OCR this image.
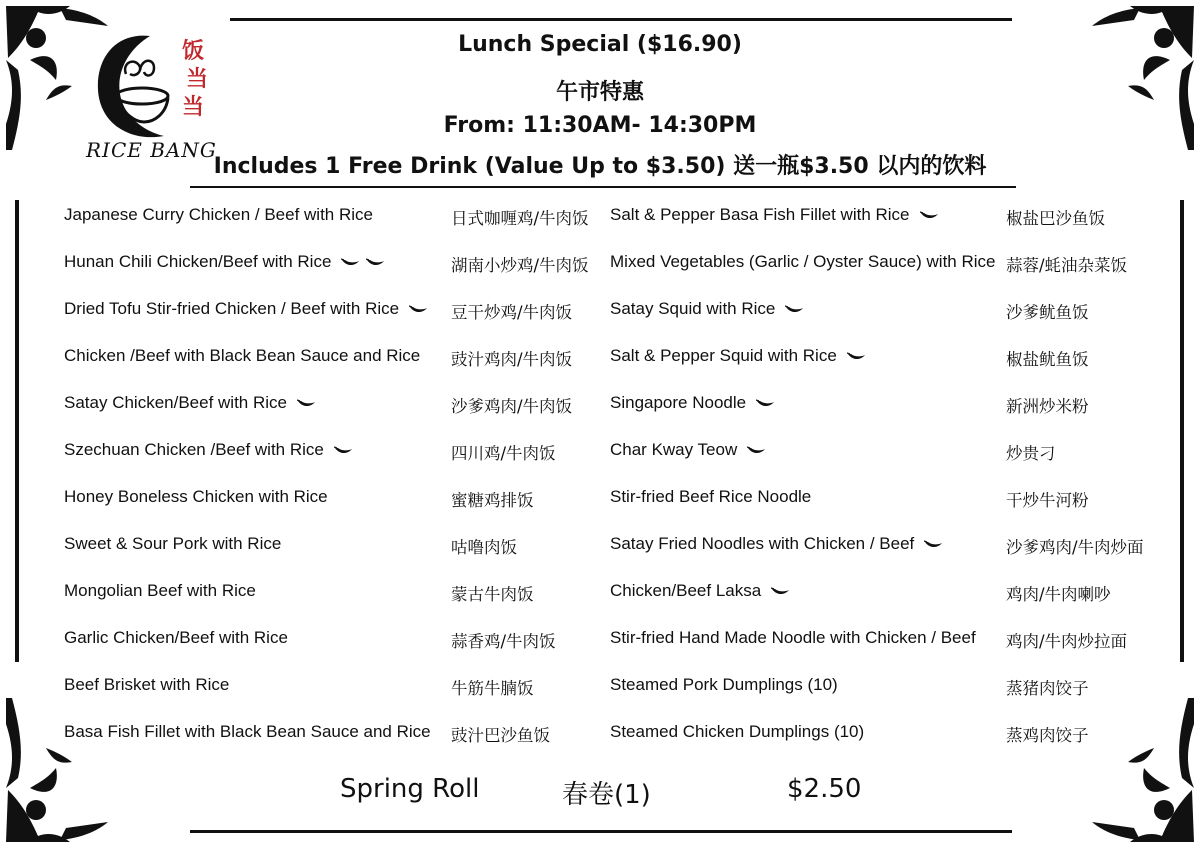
饭
当
当
RICE BANG
Lunch Special ($16.90)
午市特惠
From: 11:30AM- 14:30PM
Includes 1 Free Drink (Value Up to $3.50) 送一瓶$3.50 以内的饮料
Japanese Curry Chicken / Beef with Rice	日式咖喱鸡/牛肉饭
Hunan Chili Chicken/Beef with Rice	湖南小炒鸡/牛肉饭
Dried Tofu Stir-fried Chicken / Beef with Rice	豆干炒鸡/牛肉饭
Chicken /Beef with Black Bean Sauce and Rice 豉汁鸡肉/牛肉饭
Satay Chicken/Beef with Rice	沙爹鸡肉/牛肉饭
Szechuan Chicken /Beef with Rice	四川鸡/牛肉饭
Honey Boneless Chicken with Rice	蜜糖鸡排饭
Sweet & Sour Pork with Rice	咕噜肉饭
Mongolian Beef with Rice	蒙古牛肉饭
Garlic Chicken/Beef with Rice	蒜香鸡/牛肉饭
Beef Brisket with Rice	牛筋牛腩饭
Basa Fish Fillet with Black Bean Sauce and Rice 豉汁巴沙鱼饭
Salt & Pepper Basa Fish Fillet with Rice	椒盐巴沙鱼饭
Mixed Vegetables (Garlic / Oyster Sauce) with Rice 蒜蓉/蚝油杂菜饭
Satay Squid with Rice	沙爹鱿鱼饭
Salt & Pepper Squid with Rice	椒盐鱿鱼饭
Singapore Noodle	新洲炒米粉
Char Kway Teow	炒贵刁
Stir-fried Beef Rice Noodle	干炒牛河粉
Satay Fried Noodles with Chicken / Beef	沙爹鸡肉/牛肉炒面
Chicken/Beef Laksa	鸡肉/牛肉喇吵
Stir-fried Hand Made Noodle with Chicken / Beef 鸡肉/牛肉炒拉面
Steamed Pork Dumplings (10)	蒸猪肉饺子
Steamed Chicken Dumplings (10)	蒸鸡肉饺子
Spring Roll	春卷(1)	$2.50
